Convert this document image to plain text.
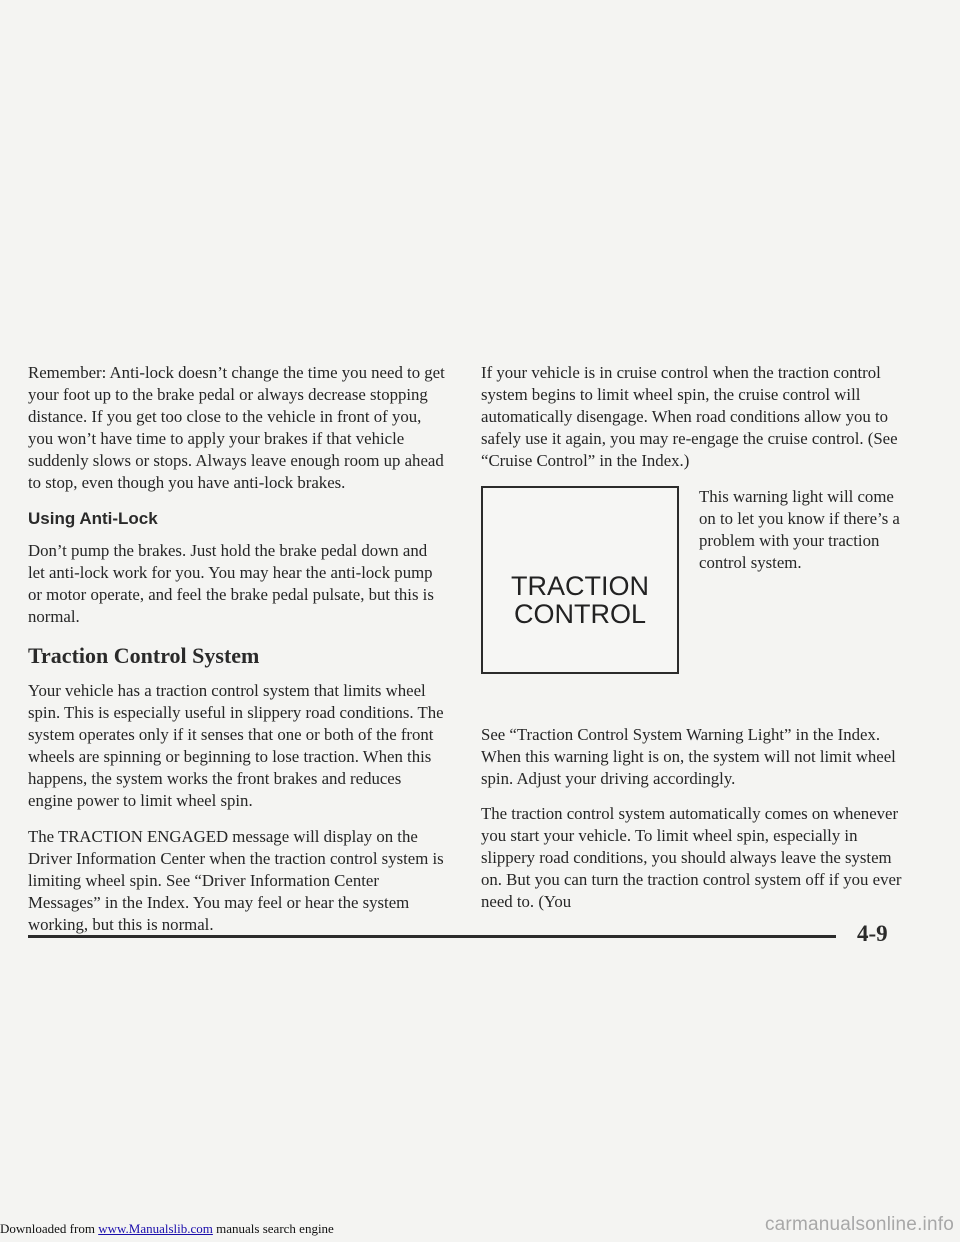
Remember: Anti-lock doesn’t change the time you need to get your foot up to the brake pedal or always decrease stopping distance. If you get too close to the vehicle in front of you, you won’t have time to apply your brakes if that vehicle suddenly slows or stops. Always leave enough room up ahead to stop, even though you have anti-lock brakes.

Using Anti-Lock

Don’t pump the brakes. Just hold the brake pedal down and let anti-lock work for you. You may hear the anti-lock pump or motor operate, and feel the brake pedal pulsate, but this is normal.

Traction Control System

Your vehicle has a traction control system that limits wheel spin. This is especially useful in slippery road conditions. The system operates only if it senses that one or both of the front wheels are spinning or beginning to lose traction. When this happens, the system works the front brakes and reduces engine power to limit wheel spin.

The TRACTION ENGAGED message will display on the Driver Information Center when the traction control system is limiting wheel spin. See “Driver Information Center Messages” in the Index. You may feel or hear the system working, but this is normal.

If your vehicle is in cruise control when the traction control system begins to limit wheel spin, the cruise control will automatically disengage. When road conditions allow you to safely use it again, you may re-engage the cruise control. (See “Cruise Control” in the Index.)

TRACTION
CONTROL

This warning light will come on to let you know if there’s a problem with your traction control system.

See “Traction Control System Warning Light” in the Index. When this warning light is on, the system will not limit wheel spin. Adjust your driving accordingly.

The traction control system automatically comes on whenever you start your vehicle. To limit wheel spin, especially in slippery road conditions, you should always leave the system on. But you can turn the traction control system off if you ever need to. (You

4-9
Downloaded from www.Manualslib.com manuals search engine	carmanualsonline.info
